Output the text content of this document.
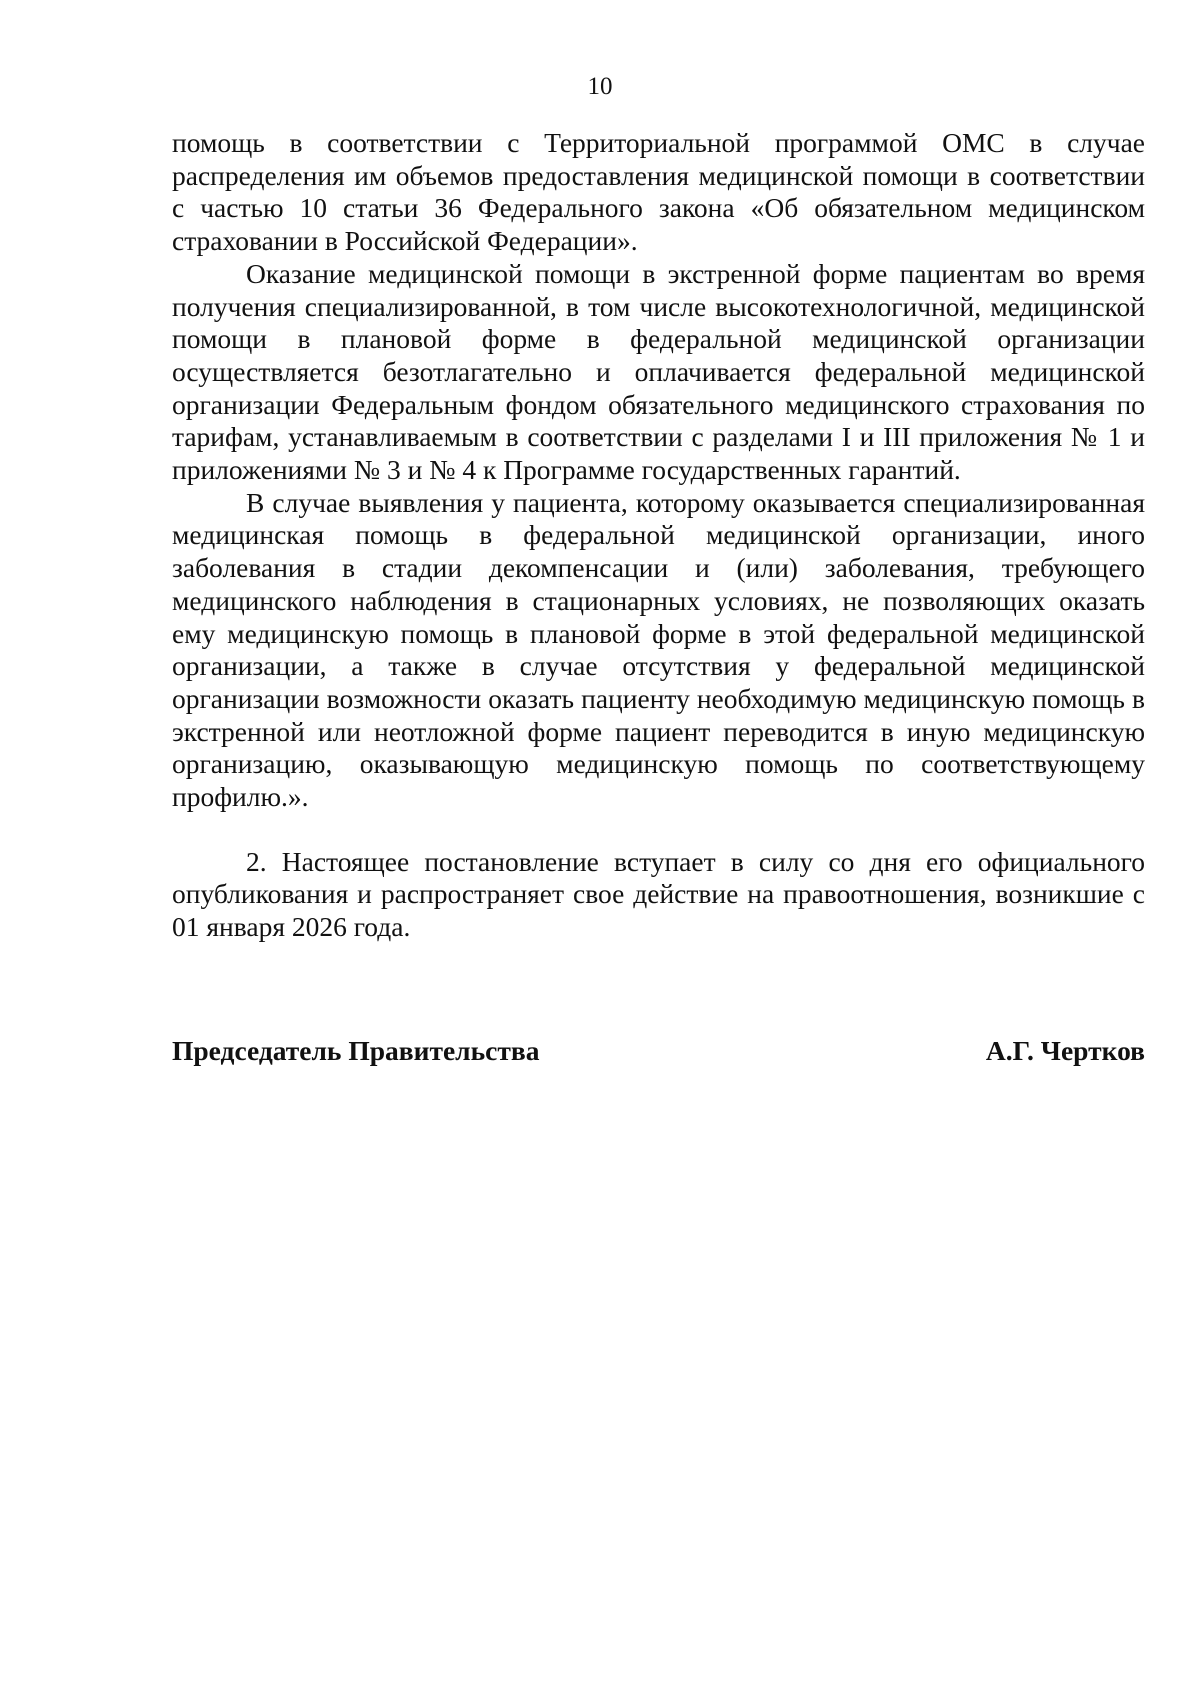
10

помощь в соответствии с Территориальной программой ОМС в случае распределения им объемов предоставления медицинской помощи в соответствии с частью 10 статьи 36 Федерального закона «Об обязательном медицинском страховании в Российской Федерации».

Оказание медицинской помощи в экстренной форме пациентам во время получения специализированной, в том числе высокотехнологичной, медицинской помощи в плановой форме в федеральной медицинской организации осуществляется безотлагательно и оплачивается федеральной медицинской организации Федеральным фондом обязательного медицинского страхования по тарифам, устанавливаемым в соответствии с разделами I и III приложения № 1 и приложениями № 3 и № 4 к Программе государственных гарантий.

В случае выявления у пациента, которому оказывается специализированная медицинская помощь в федеральной медицинской организации, иного заболевания в стадии декомпенсации и (или) заболевания, требующего медицинского наблюдения в стационарных условиях, не позволяющих оказать ему медицинскую помощь в плановой форме в этой федеральной медицинской организации, а также в случае отсутствия у федеральной медицинской организации возможности оказать пациенту необходимую медицинскую помощь в экстренной или неотложной форме пациент переводится в иную медицинскую организацию, оказывающую медицинскую помощь по соответствующему профилю.».

2. Настоящее постановление вступает в силу со дня его официального опубликования и распространяет свое действие на правоотношения, возникшие с 01 января 2026 года.

Председатель Правительства	А.Г. Чертков
